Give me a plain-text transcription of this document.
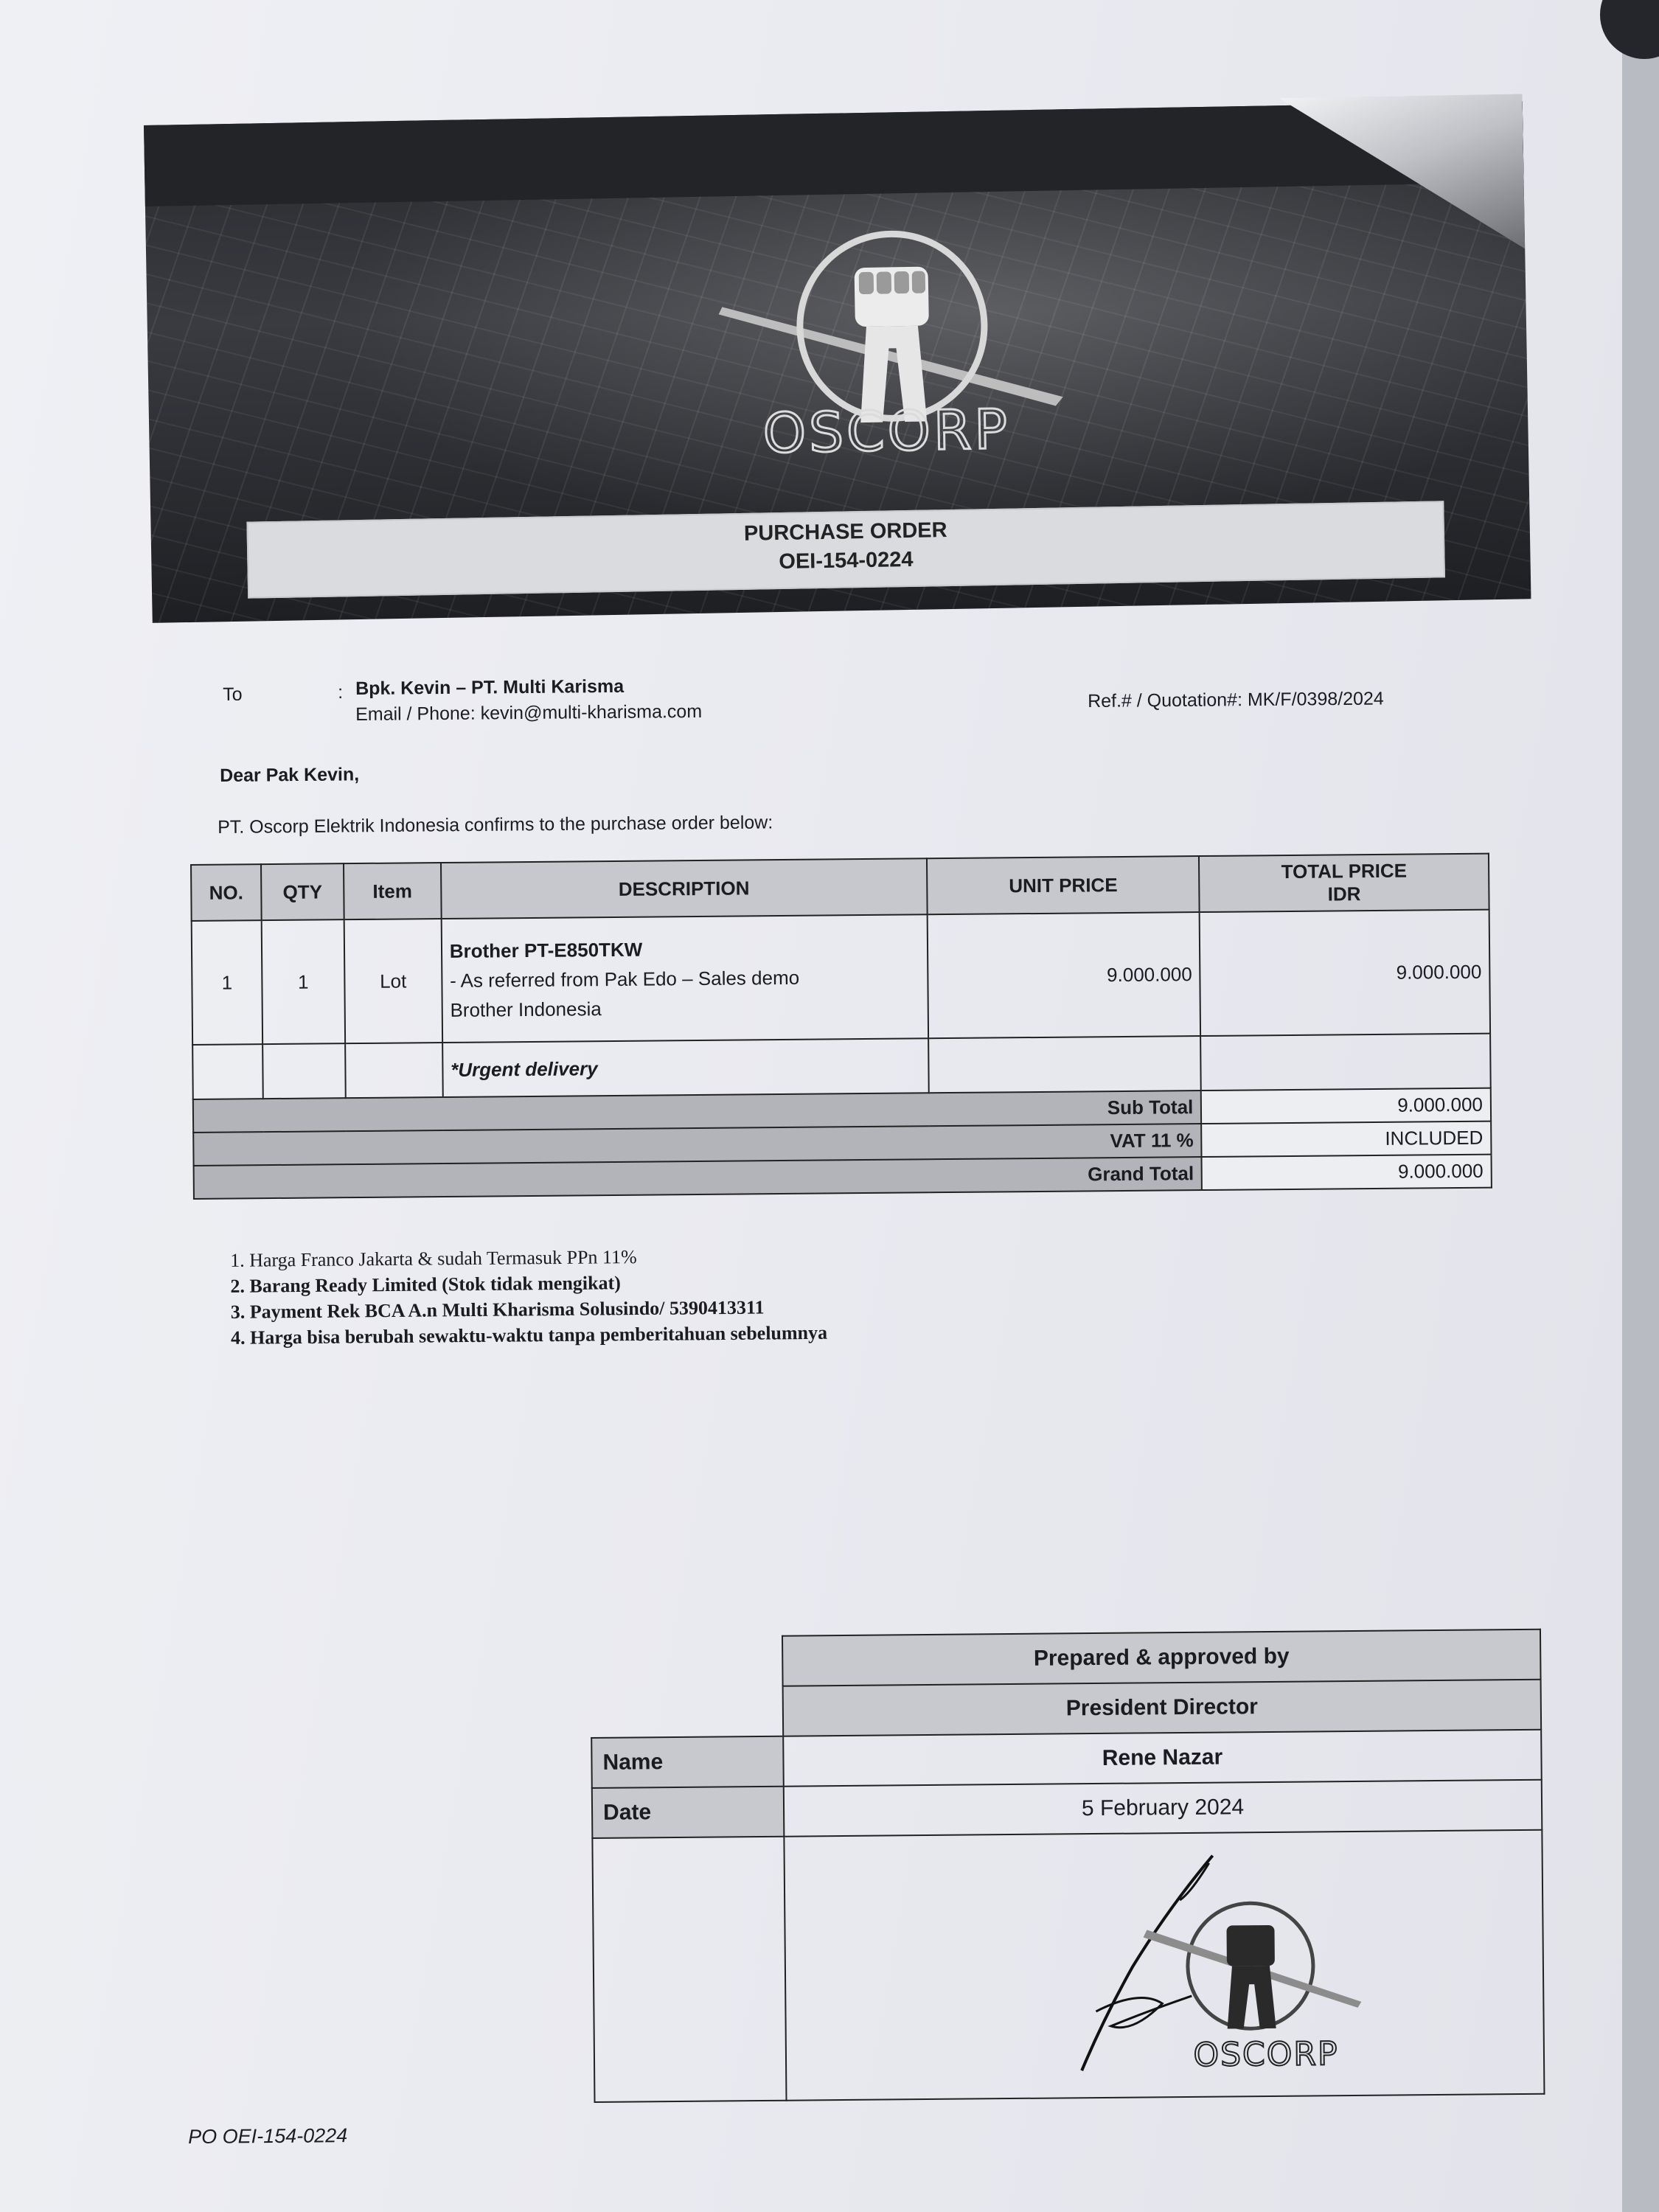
OSCORP
PURCHASE ORDER
OEI-154-0224
To	: Bpk. Kevin – PT. Multi Karisma
Email / Phone: kevin@multi-kharisma.com
Ref.# / Quotation#: MK/F/0398/2024
Dear Pak Kevin,
PT. Oscorp Elektrik Indonesia confirms to the purchase order below:
NO.	QTY	Item	DESCRIPTION	UNIT PRICE	TOTAL PRICE
IDR

1	1	Lot	Brother PT-E850TKW
- As referred from Pak Edo – Sales demo
Brother Indonesia	9.000.000	9.000.000
			*Urgent delivery		
Sub Total					9.000.000
VAT 11 %					INCLUDED
Grand Total					9.000.000
1. Harga Franco Jakarta & sudah Termasuk PPn 11%
2. Barang Ready Limited (Stok tidak mengikat)
3. Payment Rek BCA A.n Multi Kharisma Solusindo/ 5390413311
4. Harga bisa berubah sewaktu-waktu tanpa pemberitahuan sebelumnya
	Prepared & approved by
	President Director
Name	Rene Nazar
Date	5 February 2024

OSCORP
PO OEI-154-0224
